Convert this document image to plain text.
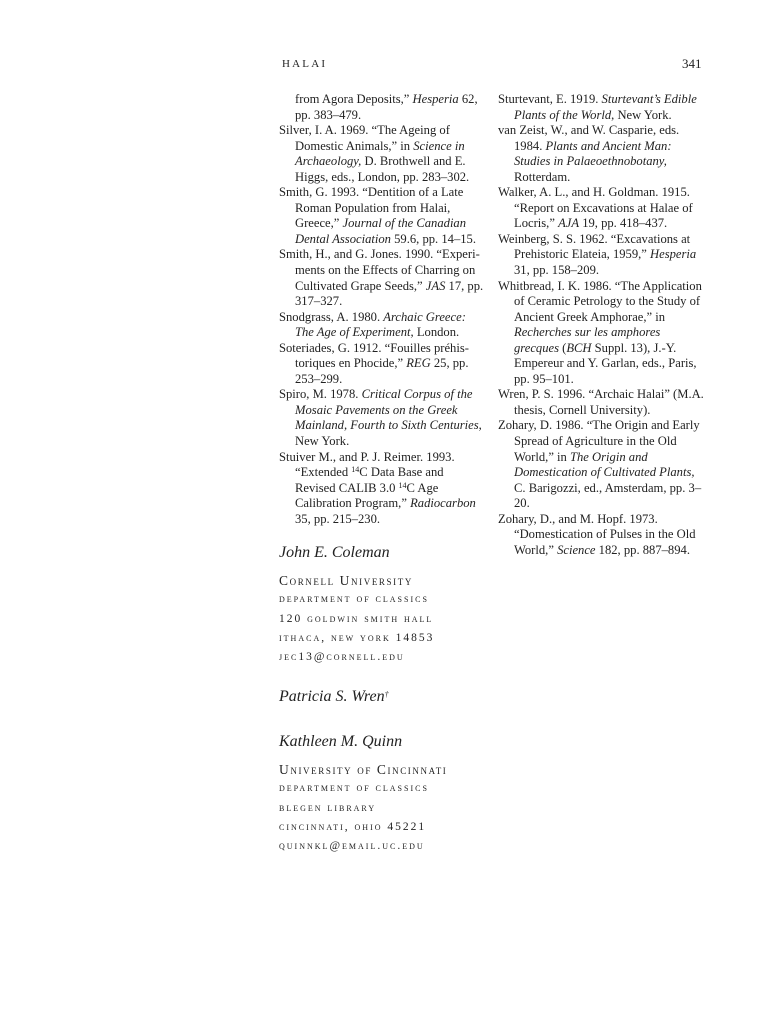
HALAI	341

from Agora Deposits,” Hesperia 62, pp. 383–479.

Silver, I. A. 1969. “The Ageing of Domestic Animals,” in Science in Archaeology, D. Brothwell and E. Higgs, eds., London, pp. 283–302.

Smith, G. 1993. “Dentition of a Late Roman Population from Halai, Greece,” Journal of the Canadian Dental Association 59.6, pp. 14–15.

Smith, H., and G. Jones. 1990. “Experiments on the Effects of Charring on Cultivated Grape Seeds,” JAS 17, pp. 317–327.

Snodgrass, A. 1980. Archaic Greece: The Age of Experiment, London.

Soteriades, G. 1912. “Fouilles préhistoriques en Phocide,” REG 25, pp. 253–299.

Spiro, M. 1978. Critical Corpus of the Mosaic Pavements on the Greek Mainland, Fourth to Sixth Centuries, New York.

Stuiver M., and P. J. Reimer. 1993. “Extended $^{14}$C Data Base and Revised CALIB 3.0 $^{14}$C Age Calibration Program,” Radiocarbon 35, pp. 215–230.

Sturtevant, E. 1919. Sturtevant’s Edible Plants of the World, New York.

van Zeist, W., and W. Casparie, eds. 1984. Plants and Ancient Man: Studies in Palaeoethnobotany, Rotterdam.

Walker, A. L., and H. Goldman. 1915. “Report on Excavations at Halae of Locris,” AJA 19, pp. 418–437.

Weinberg, S. S. 1962. “Excavations at Prehistoric Elateia, 1959,” Hesperia 31, pp. 158–209.

Whitbread, I. K. 1986. “The Application of Ceramic Petrology to the Study of Ancient Greek Amphorae,” in Recherches sur les amphores grecques (BCH Suppl. 13), J.-Y. Empereur and Y. Garlan, eds., Paris, pp. 95–101.

Wren, P. S. 1996. “Archaic Halai” (M.A. thesis, Cornell University).

Zohary, D. 1986. “The Origin and Early Spread of Agriculture in the Old World,” in The Origin and Domestication of Cultivated Plants, C. Barigozzi, ed., Amsterdam, pp. 3–20.

Zohary, D., and M. Hopf. 1973. “Domestication of Pulses in the Old World,” Science 182, pp. 887–894.

John E. Coleman
Cornell University
department of classics
120 goldwin smith hall
ithaca, new york 14853
jec13@cornell.edu
Patricia S. Wren†
Kathleen M. Quinn
University of Cincinnati
department of classics
blegen library
cincinnati, ohio 45221
quinnkl@email.uc.edu
